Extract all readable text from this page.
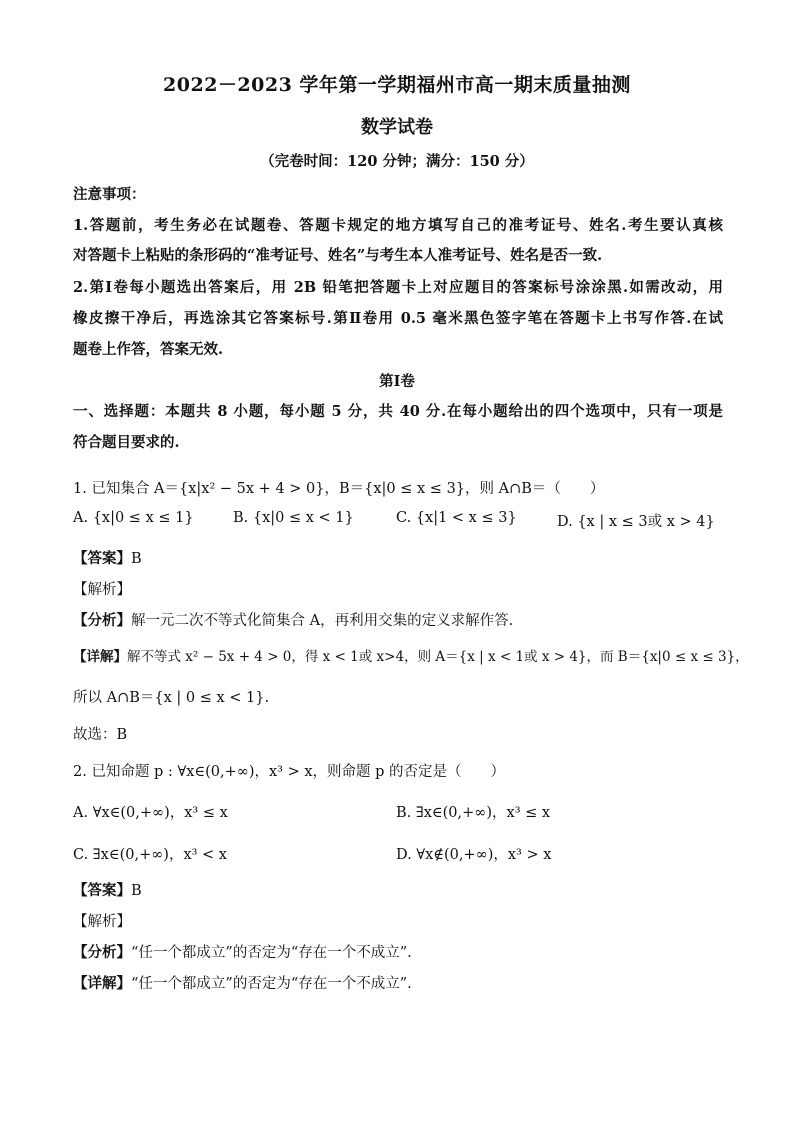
2022－2023 学年第一学期福州市高一期末质量抽测
数学试卷
（完卷时间：120 分钟；满分：150 分）
注意事项：
1.答题前，考生务必在试题卷、答题卡规定的地方填写自己的准考证号、姓名.考生要认真核
对答题卡上粘贴的条形码的“准考证号、姓名”与考生本人准考证号、姓名是否一致.
2.第Ⅰ卷每小题选出答案后，用 2B 铅笔把答题卡上对应题目的答案标号涂涂黑.如需改动，用
橡皮擦干净后，再选涂其它答案标号.第Ⅱ卷用 0.5 毫米黑色签字笔在答题卡上书写作答.在试
题卷上作答，答案无效.
第Ⅰ卷
一、选择题：本题共 8 小题，每小题 5 分，共 40 分.在每小题给出的四个选项中，只有一项是
符合题目要求的.
1. 已知集合 A＝{x|x² − 5x + 4 > 0}，B＝{x|0 ≤ x ≤ 3}，则 A∩B＝（　　）
A. {x|0 ≤ x ≤ 1}	B. {x|0 ≤ x < 1}	C. {x|1 < x ≤ 3}	D. {x | x ≤ 3或 x > 4}
【答案】B
【解析】
【分析】解一元二次不等式化简集合 A，再利用交集的定义求解作答.
【详解】解不等式 x² − 5x + 4 > 0，得 x < 1或 x>4，则 A＝{x | x < 1或 x > 4}，而 B＝{x|0 ≤ x ≤ 3}，
所以 A∩B＝{x | 0 ≤ x < 1}.
故选：B
2. 已知命题 p : ∀x∈(0,+∞)，x³ > x，则命题 p 的否定是（　　）
A. ∀x∈(0,+∞)，x³ ≤ x	B. ∃x∈(0,+∞)，x³ ≤ x
C. ∃x∈(0,+∞)，x³ < x	D. ∀x∉(0,+∞)，x³ > x
【答案】B
【解析】
【分析】“任一个都成立”的否定为“存在一个不成立”.
【详解】“任一个都成立”的否定为“存在一个不成立”.
